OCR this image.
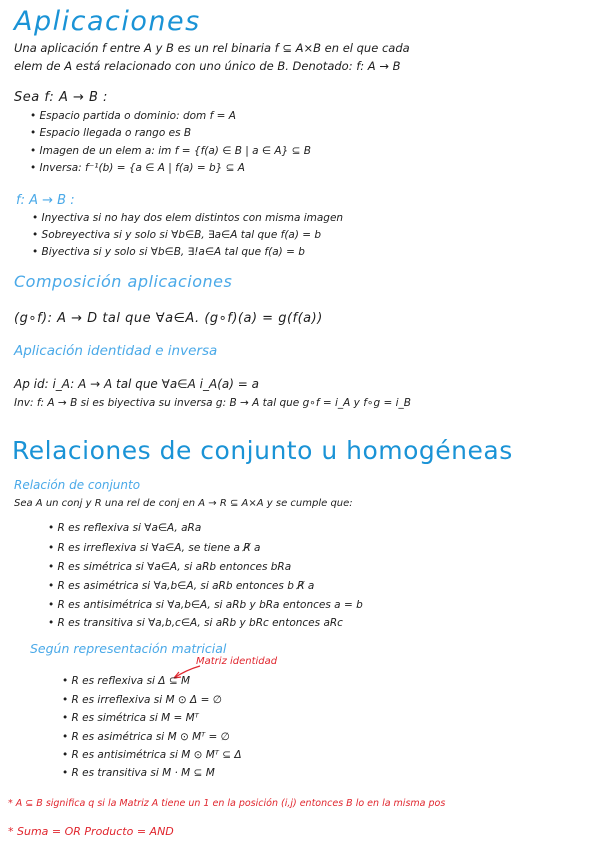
Aplicaciones
Una aplicación f entre A y B es un rel binaria f ⊆ A×B en el que cada
elem de A está relacionado con uno único de B. Denotado: f: A → B
Sea f: A → B :
• Espacio partida o dominio: dom f = A
• Espacio llegada o rango es B
• Imagen de un elem a: im f = {f(a) ∈ B | a ∈ A} ⊆ B
• Inversa: f⁻¹(b) = {a ∈ A | f(a) = b} ⊆ A
f: A → B :
• Inyectiva si no hay dos elem distintos con misma imagen
• Sobreyectiva si y solo si ∀b∈B, ∃a∈A tal que f(a) = b
• Biyectiva si y solo si ∀b∈B, ∃!a∈A tal que f(a) = b
Composición aplicaciones
(g∘f): A → D tal que ∀a∈A. (g∘f)(a) = g(f(a))
Aplicación identidad e inversa
Ap id: i_A: A → A tal que ∀a∈A i_A(a) = a
Inv: f: A → B si es biyectiva su inversa g: B → A tal que g∘f = i_A y f∘g = i_B
Relaciones de conjunto u homogéneas
Relación de conjunto
Sea A un conj y R una rel de conj en A → R ⊆ A×A y se cumple que:
• R es reflexiva si ∀a∈A, aRa
• R es irreflexiva si ∀a∈A, se tiene a R̸ a
• R es simétrica si ∀a∈A, si aRb entonces bRa
• R es asimétrica si ∀a,b∈A, si aRb entonces b R̸ a
• R es antisimétrica si ∀a,b∈A, si aRb y bRa entonces a = b
• R es transitiva si ∀a,b,c∈A, si aRb y bRc entonces aRc
Según representación matricial
Matriz identidad
• R es reflexiva si Δ ⊆ M
• R es irreflexiva si M ⊙ Δ = ∅
• R es simétrica si M = Mᵀ
• R es asimétrica si M ⊙ Mᵀ = ∅
• R es antisimétrica si M ⊙ Mᵀ ⊆ Δ
• R es transitiva si M · M ⊆ M
* A ⊆ B significa q si la Matriz A tiene un 1 en la posición (i,j) entonces B lo en la misma pos
* Suma = OR Producto = AND
